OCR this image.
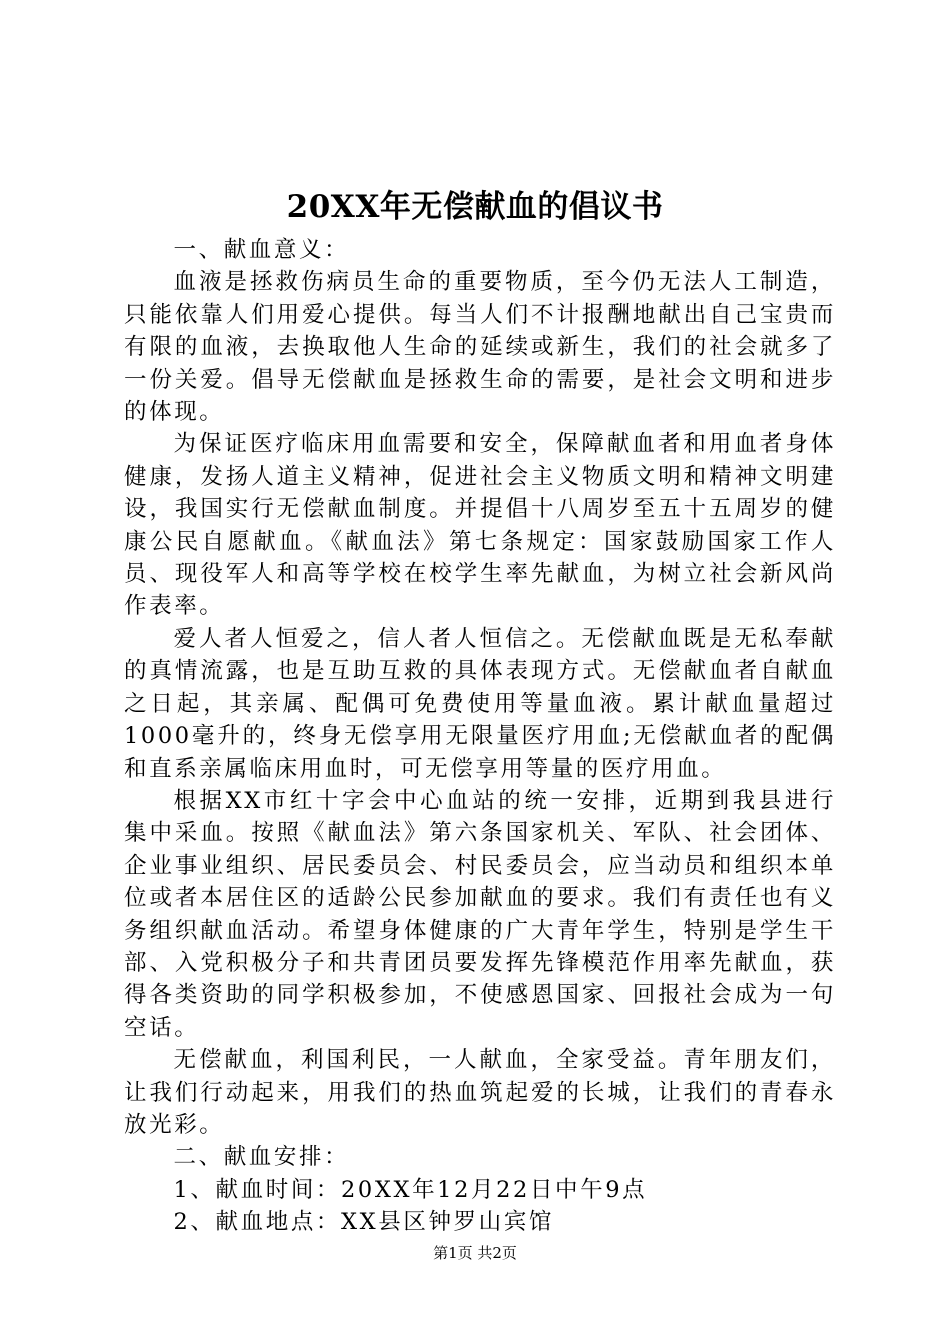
20XX年无偿献血的倡议书

一、献血意义：

血液是拯救伤病员生命的重要物质，至今仍无法人工制造，只能依靠人们用爱心提供。每当人们不计报酬地献出自己宝贵而有限的血液，去换取他人生命的延续或新生，我们的社会就多了一份关爱。倡导无偿献血是拯救生命的需要，是社会文明和进步的体现。

为保证医疗临床用血需要和安全，保障献血者和用血者身体健康，发扬人道主义精神，促进社会主义物质文明和精神文明建设，我国实行无偿献血制度。并提倡十八周岁至五十五周岁的健康公民自愿献血。《献血法》第七条规定：国家鼓励国家工作人员、现役军人和高等学校在校学生率先献血，为树立社会新风尚作表率。

爱人者人恒爱之，信人者人恒信之。无偿献血既是无私奉献的真情流露，也是互助互救的具体表现方式。无偿献血者自献血之日起，其亲属、配偶可免费使用等量血液。累计献血量超过1000毫升的，终身无偿享用无限量医疗用血;无偿献血者的配偶和直系亲属临床用血时，可无偿享用等量的医疗用血。

根据XX市红十字会中心血站的统一安排，近期到我县进行集中采血。按照《献血法》第六条国家机关、军队、社会团体、企业事业组织、居民委员会、村民委员会，应当动员和组织本单位或者本居住区的适龄公民参加献血的要求。我们有责任也有义务组织献血活动。希望身体健康的广大青年学生，特别是学生干部、入党积极分子和共青团员要发挥先锋模范作用率先献血，获得各类资助的同学积极参加，不使感恩国家、回报社会成为一句空话。

无偿献血，利国利民，一人献血，全家受益。青年朋友们，让我们行动起来，用我们的热血筑起爱的长城，让我们的青春永放光彩。

二、献血安排：

1、献血时间：20XX年12月22日中午9点

2、献血地点：XX县区钟罗山宾馆

第1页 共2页
